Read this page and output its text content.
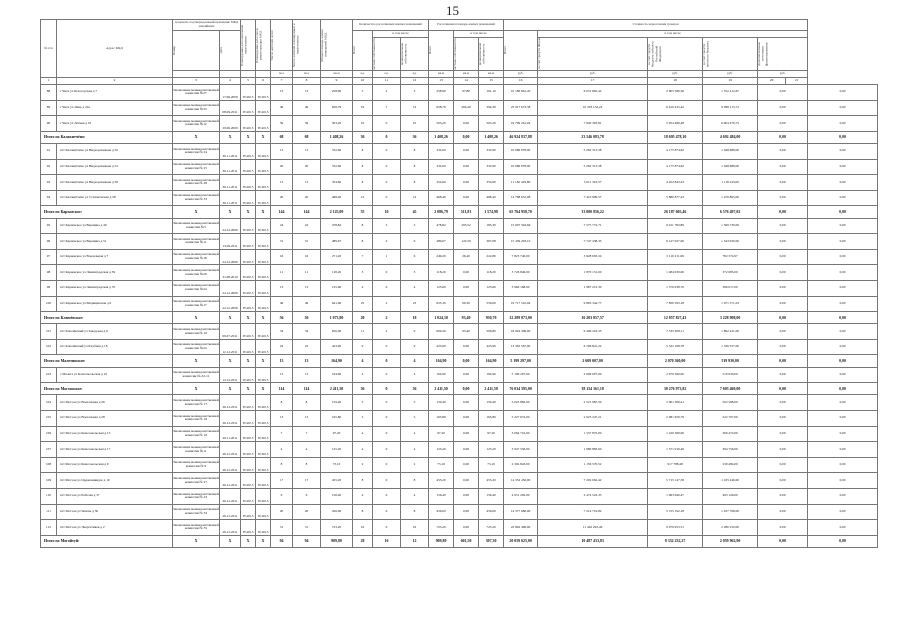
15
№ п/п	Адрес МКД	документ, подтверждающий признание МКД аварийным		Планируемая дата окончания переселения	Планируемая дата сноса/реконструкции МКД	Число жителей, всего	Число жителей планируемых к переселению	Общая площадь жилых помещений МКД	Количество расселяемых жилых помещений			Расселяемая площадь жилых помещений			Стоимость переселения граждан						

		Номер	Дата						Всего	в том числе		Всего	в том числе		Всего	в том числе					

										частная собственность	муниципальная собственность		частная собственность	муниципальная собственность		за счет средств Фонда	за счет средств бюджета субъекта Российской Федерации	за счет средств местного бюджета	Дополнительные источники финансирования		

						чел.	чел.	кв.м	ед.	ед.	ед.	кв.м	кв.м	кв.м	руб.	руб.	руб.	руб.	руб.		
1	2	3	4	5	6	7	8	9	10	11	12	13	14	15	16	17	18	19	20	21	
88	г Чита ул Белогорская д 7	Заключение межведомственной комиссии №27	17.06.2009	IV.2015	IV.2015	13	13	258,90	5	2	3	258,90	97,80	161,10	10 186 861,45	6 031 892,42	2 605 586,36	1 552 412,67	0,00		0,00
89	г Чита ул Линь д 24а	Заключение межведомственной комиссии №33	08.09.2011	IV.2015	IV.2015	49	49	658,79	19	7	12	658,79	264,40	394,39	25 917 673,38	10 203 132,24	6 616 425,42	9 098 115,72	0,00		0,00
90	г Чита ул Летняя д 10	Заключение межведомственной комиссии №12	29.06.2009	IV.2015	IV.2015	59	59	503,20	10	0	10	503,20	0,00	503,20	19 799 261,04	7 840 303,81	5 054 480,48	6 904 476,75	0,00		0,00
Итого по Калакитчёно:		X	X	X	X	68	68	1 408,26	36	0	36	1 408,26	0,00	1 408,26	46 924 837,88	23 546 083,78	18 695 478,10	4 692 484,00	0,00		0,00
91	пгт Калакитчёно ул Видеорновкова д 50	Заключение межведомственной комиссии № 24	30.11.2011	IV.2015	IV.2015	13	13	332,60	8	0	8	332,60	0,00	332,60	10 086 878,00	5 262 313,38	4 175 874,62	1 048 688,00	0,00		0,00
92	пгт Калакитчёно ул Видеорновкова д 52	Заключение межведомственной комиссии № 25	30.11.2011	IV.2015	IV.2015	20	20	332,60	8	0	8	332,60	0,00	332,60	10 086 878,00	5 262 313,38	4 175 874,62	1 048 688,00	0,00		0,00
93	пгт Калакитчёно ул Видеорновкова д 58	Заключение межведомственной комиссии № 28	30.11.2011	IV.2015	IV.2015	13	13	354,60	8	0	8	354,60	0,00	354,60	11 182 429,80	5 611 343,37	4 452 843,43	1 118 243,00	0,00		0,00
94	пгт Калакитчёно ул Стахановская д 58	Заключение межведомственной комиссии № 33	30.11.2011	IV.2015	IV.2015	20	20	468,40	12	0	12	468,40	0,00	468,40	14 768 652,08	7 410 909,57	5 880 877,43	1 476 865,00	0,00		0,00
Итого по Карымское:		X	X	X	X	144	144	2 125,09	55	10	45	2 086,79	511,81	1 574,98	65 764 958,70	33 000 856,22	26 187 605,46	6 576 497,02	0,00		0,00
95	пгт Карымское ул Вершина д 49	Заключение межведомственной комиссии №3	24.12.2006	IV.2015	IV.2015	24	24	478,82	8	5	3	478,82	293,52	185,30	15 097 394,66	7 575 772,71	6 011 782,89	1 509 739,06	0,00		0,00
96	пгт Карымское ул Вершина д 51	Заключение межведомственной комиссии №11	13.09.2011	IV.2015	IV.2015	31	31	489,67	8	2	6	489,67	122,59	367,08	15 439 293,10	7 747 438,33	6 147 927,00	1 543 930,00	0,00		0,00
97	пгт Карымское ул Вокзальная д 7	Заключение межведомственной комиссии №18	24.12.2006	IV.2015	IV.2015	16	16	271,20	7	1	6	249,20	26,40	222,80	7 823 746,00	3 928 093,34	3 116 211,69	782 374,97	0,00		0,00
98	пгт Карымское ул Ленинградская д 39	Заключение межведомственной комиссии №29	31.08.2010	IV.2015	IV.2015	11	11	118,20	3	0	3	118,20	0,00	118,20	3 726 846,00	1 870 131,00	1 484 030,00	372 685,00	0,00		0,00
99	пгт Карымское ул Ленинградская д 70	Заключение межведомственной комиссии №24	24.12.2006	IV.2015	IV.2015	13	13	125,60	4	0	4	125,60	0,00	125,60	3 960 168,00	1 987 212,30	1 576 938,70	396 017,00	0,00		0,00
100	пгт Карымское ул Медицинская д 6	Заключение межведомственной комиссии №17	22.12.2006	IV.2015	IV.2015	49	49	641,60	25	2	23	625,30	69,30	556,00	19 717 510,94	9 893 342,77	7 850 593,18	1 971 571,03	0,00		0,00
Итого по Ключёвское:		X	X	X	X	56	56	1 073,90	20	2	18	1 024,10	93,40	930,70	32 289 073,00	16 203 057,57	12 857 827,43	3 228 908,00	0,00		0,00
101	пгт Ключёвский ул Заводская д 6	Заключение межведомственной комиссии № 10	09.07.2011	IV.2015	IV.2015	34	34	650,00	11	2	9	600,20	93,40	506,80	18 924 306,00	9 496 216,35	7 535 658,11	1 892 431,00	0,00		0,00
102	пгт Ключёвский ул Клубная д 18	Заключение межведомственной комиссии №24	12.12.2011	IV.2015	IV.2015	22	22	423,90	9	0	9	423,90	0,00	423,90	13 365 567,00	6 706 841,22	5 322 168,78	1 336 557,00	0,00		0,00
Итого по Малетинское:		X	X	X	X	13	13	164,90	4	0	4	164,90	0,00	164,90	5 199 297,00	2 609 007,00	2 070 360,00	519 930,00	0,00		0,00
103	с Малета ул Комсомольская д 10	Заключение межведомственной комиссии №-32-11	12.12.2011	IV.2015	IV.2015	13	13	164,90	4	0	4	164,90	0,00	164,90	5 199 297,00	2 609 007,00	2 070 360,00	519 930,00	0,00		0,00
Итого по Могзонское:		X	X	X	X	114	114	2 411,50	56	0	56	2 411,50	0,00	2 411,50	76 034 595,00	38 154 161,18	30 276 973,82	7 603 460,00	0,00		0,00
104	пгт Могзон ул Вокзальная д 26	Заключение межведомственной комиссии № 17	26.12.2011	IV.2015	IV.2015	8	8	159,40	5	0	5	159,40	0,00	159,40	5 025 882,00	2 521 987,59	2 001 306,41	502 588,00	0,00		0,00
105	пгт Могзон ул Вокзальная д 28	Заключение межведомственной комиссии № 16	26.12.2011	IV.2015	IV.2015	13	13	165,80	5	0	5	165,80	0,00	165,80	5 227 674,00	2 623 247,21	2 081 659,79	522 767,00	0,00		0,00
106	пгт Могзон ул Комсомольская д 13	Заключение межведомственной комиссии № 10	26.11.2011	IV.2015	IV.2015	7	7	97,20	4	0	4	97,20	0,00	97,20	3 064 716,00	1 537 875,00	1 220 369,00	306 472,00	0,00		0,00
107	пгт Могзон ул Комсомольская д 17	Заключение межведомственной комиссии №11	26.12.2011	IV.2015	IV.2015	4	4	125,20	4	0	4	125,20	0,00	125,20	3 947 556,00	1 980 883,60	1 571 916,40	394 756,00	0,00		0,00
108	пгт Могзон ул Комсомольская д 9	Заключение межведомственной комиссии № 9	26.12.2011	IV.2015	IV.2015	8	8	73,10	2	0	2	73,10	0,00	73,10	2 304 843,00	1 156 570,52	917 788,48	230 484,00	0,00		0,00
109	пгт Могзон ул Орджоникидзе д 10	Заключение межведомственной комиссии № 27	26.12.2011	IV.2015	IV.2015	17	17	455,20	8	0	8	455,20	0,00	455,20	14 352 456,00	7 202 062,42	5 715 147,58	1 435 246,00	0,00		0,00
110	пгт Могзон ул Рабочая д 37	Заключение межведомственной комиссии № 23	26.12.2011	IV.2015	IV.2015	6	6	156,40	4	0	4	156,40	0,00	156,40	4 931 292,00	2 474 522,33	1 963 640,47	493 129,00	0,00		0,00
111	пгт Могзон ул Чехова д 30	Заключение межведомственной комиссии № 33	26.12.2011	IV.2015	IV.2015	20	20	456,00	8	0	8	456,00	0,00	456,00	14 377 680,00	7 214 719,82	5 725 192,18	1 437 768,00	0,00		0,00
112	пгт Могзон ул Энергетиков д 2	Заключение межведомственной комиссии № 35	26.12.2011	IV.2015	IV.2015	31	31	723,20	16	0	16	723,20	0,00	723,20	22 802 496,00	11 442 292,49	9 079 953,51	2 280 250,00	0,00		0,00
Итого по Могойтуй:		X	X	X	X	94	94	909,80	28	16	12	909,80	601,50	307,30	20 059 625,00	10 487 433,83	8 332 232,27	2 059 962,90	0,00		0,00
